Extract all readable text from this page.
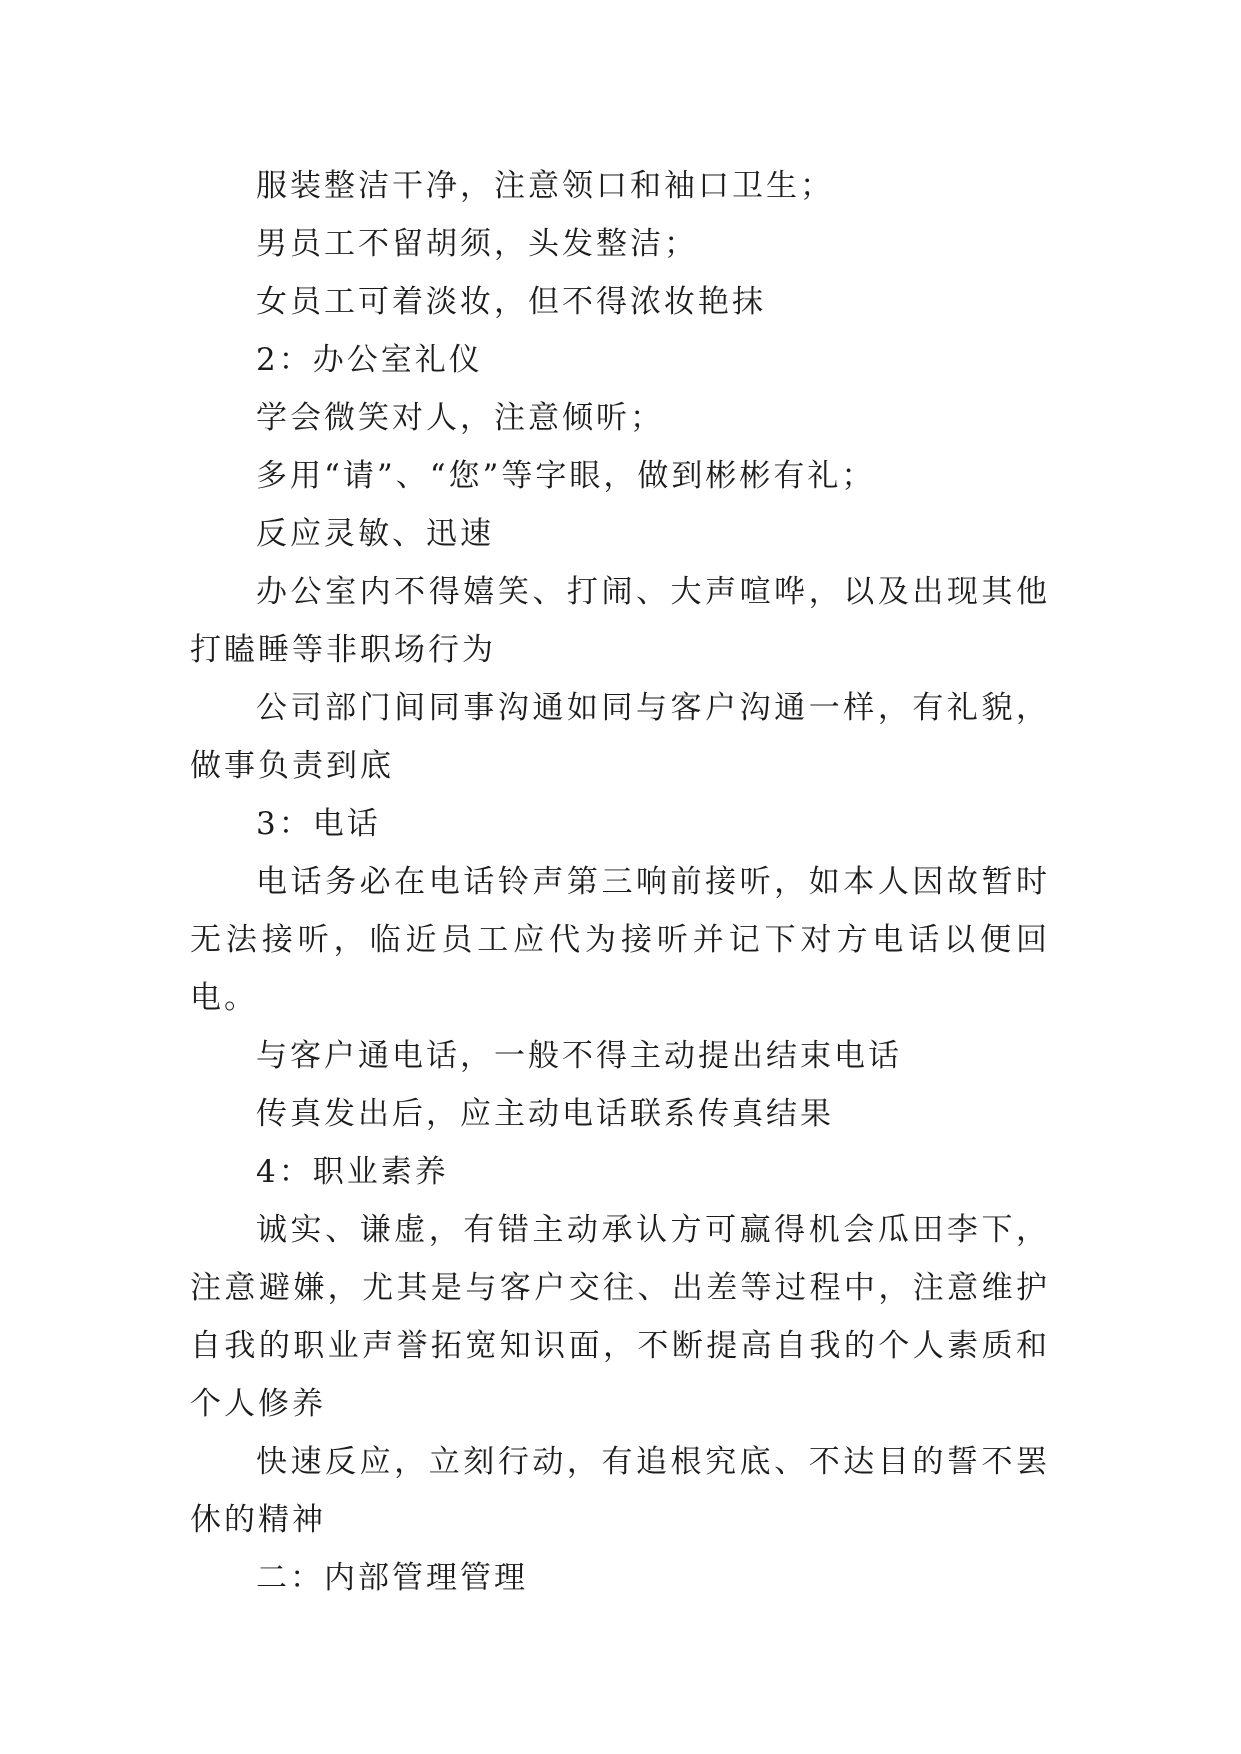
服装整洁干净，注意领口和袖口卫生；

男员工不留胡须，头发整洁；

女员工可着淡妆，但不得浓妆艳抹

2：办公室礼仪

学会微笑对人，注意倾听；

多用“请”、“您”等字眼，做到彬彬有礼；

反应灵敏、迅速

办公室内不得嬉笑、打闹、大声喧哗，以及出现其他打瞌睡等非职场行为

公司部门间同事沟通如同与客户沟通一样，有礼貌，做事负责到底

3：电话

电话务必在电话铃声第三响前接听，如本人因故暂时无法接听，临近员工应代为接听并记下对方电话以便回电。

与客户通电话，一般不得主动提出结束电话

传真发出后，应主动电话联系传真结果

4：职业素养

诚实、谦虚，有错主动承认方可赢得机会瓜田李下，注意避嫌，尤其是与客户交往、出差等过程中，注意维护自我的职业声誉拓宽知识面，不断提高自我的个人素质和个人修养

快速反应，立刻行动，有追根究底、不达目的誓不罢休的精神

二：内部管理管理
